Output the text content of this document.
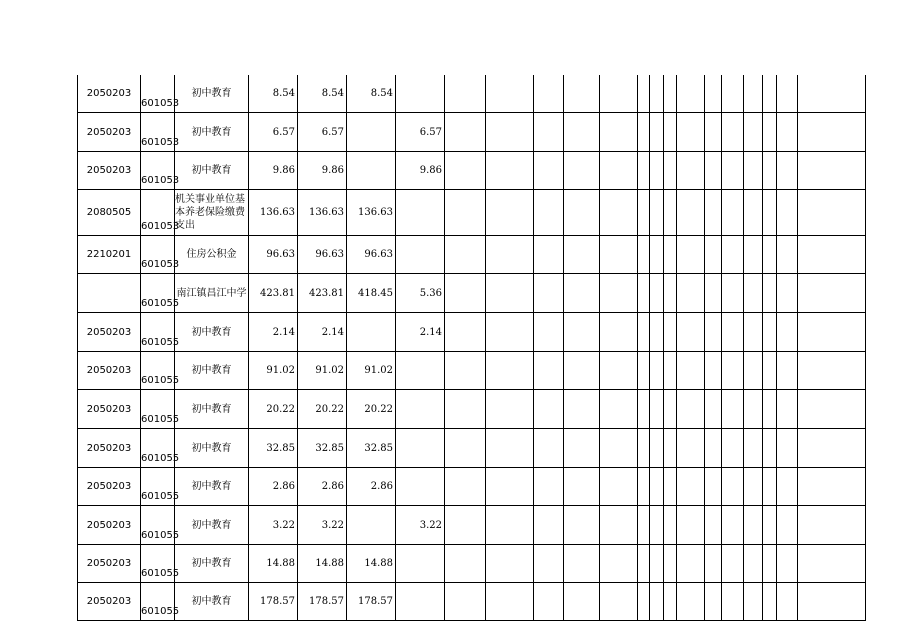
2050203	601053	初中教育	8.54	8.54	8.54																
2050203	601053	初中教育	6.57	6.57		6.57															
2050203	601053	初中教育	9.86	9.86		9.86															
2080505	601053	机关事业单位基本养老保险缴费支出	136.63	136.63	136.63																
2210201	601053	住房公积金	96.63	96.63	96.63																
	601055	南江镇昌江中学	423.81	423.81	418.45	5.36															
2050203	601055	初中教育	2.14	2.14		2.14															
2050203	601055	初中教育	91.02	91.02	91.02																
2050203	601055	初中教育	20.22	20.22	20.22																
2050203	601055	初中教育	32.85	32.85	32.85																
2050203	601055	初中教育	2.86	2.86	2.86																
2050203	601055	初中教育	3.22	3.22		3.22															
2050203	601055	初中教育	14.88	14.88	14.88																
2050203	601055	初中教育	178.57	178.57	178.57																
